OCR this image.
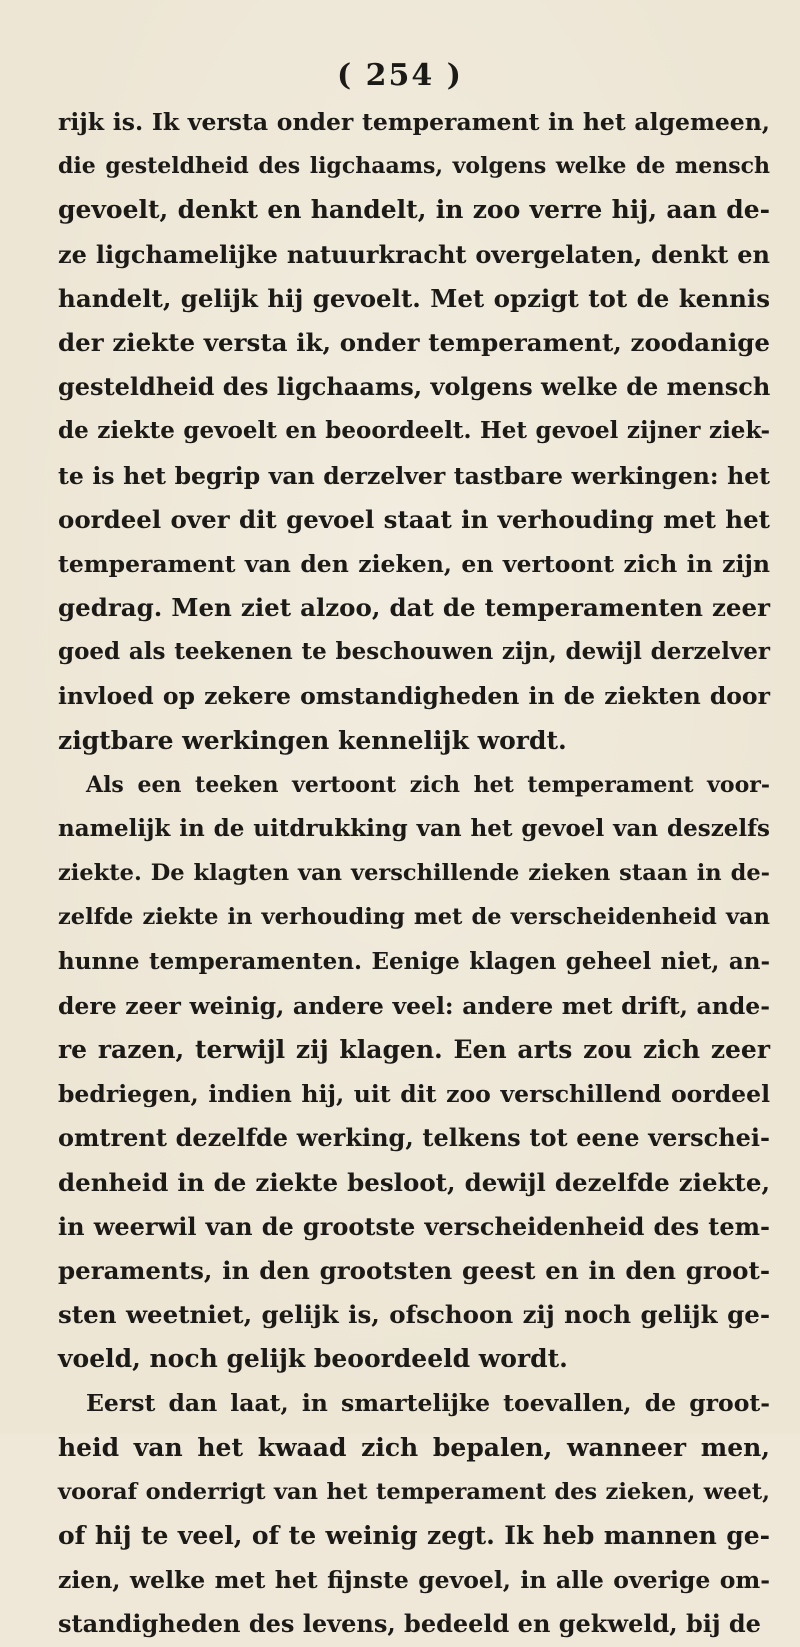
( 254 )
rijk is. Ik versta onder temperament in het algemeen,
die gesteldheid des ligchaams, volgens welke de mensch
gevoelt, denkt en handelt, in zoo verre hij, aan de-
ze ligchamelijke natuurkracht overgelaten, denkt en
handelt, gelijk hij gevoelt. Met opzigt tot de kennis
der ziekte versta ik, onder temperament, zoodanige
gesteldheid des ligchaams, volgens welke de mensch
de ziekte gevoelt en beoordeelt. Het gevoel zijner ziek-
te is het begrip van derzelver tastbare werkingen: het
oordeel over dit gevoel staat in verhouding met het
temperament van den zieken, en vertoont zich in zijn
gedrag. Men ziet alzoo, dat de temperamenten zeer
goed als teekenen te beschouwen zijn, dewijl derzelver
invloed op zekere omstandigheden in de ziekten door
zigtbare werkingen kennelijk wordt.
Als een teeken vertoont zich het temperament voor-
namelijk in de uitdrukking van het gevoel van deszelfs
ziekte. De klagten van verschillende zieken staan in de-
zelfde ziekte in verhouding met de verscheidenheid van
hunne temperamenten. Eenige klagen geheel niet, an-
dere zeer weinig, andere veel: andere met drift, ande-
re razen, terwijl zij klagen. Een arts zou zich zeer
bedriegen, indien hij, uit dit zoo verschillend oordeel
omtrent dezelfde werking, telkens tot eene verschei-
denheid in de ziekte besloot, dewijl dezelfde ziekte,
in weerwil van de grootste verscheidenheid des tem-
peraments, in den grootsten geest en in den groot-
sten weetniet, gelijk is, ofschoon zij noch gelijk ge-
voeld, noch gelijk beoordeeld wordt.
Eerst dan laat, in smartelijke toevallen, de groot-
heid van het kwaad zich bepalen, wanneer men,
vooraf onderrigt van het temperament des zieken, weet,
of hij te veel, of te weinig zegt. Ik heb mannen ge-
zien, welke met het fijnste gevoel, in alle overige om-
standigheden des levens, bedeeld en gekweld, bij de
